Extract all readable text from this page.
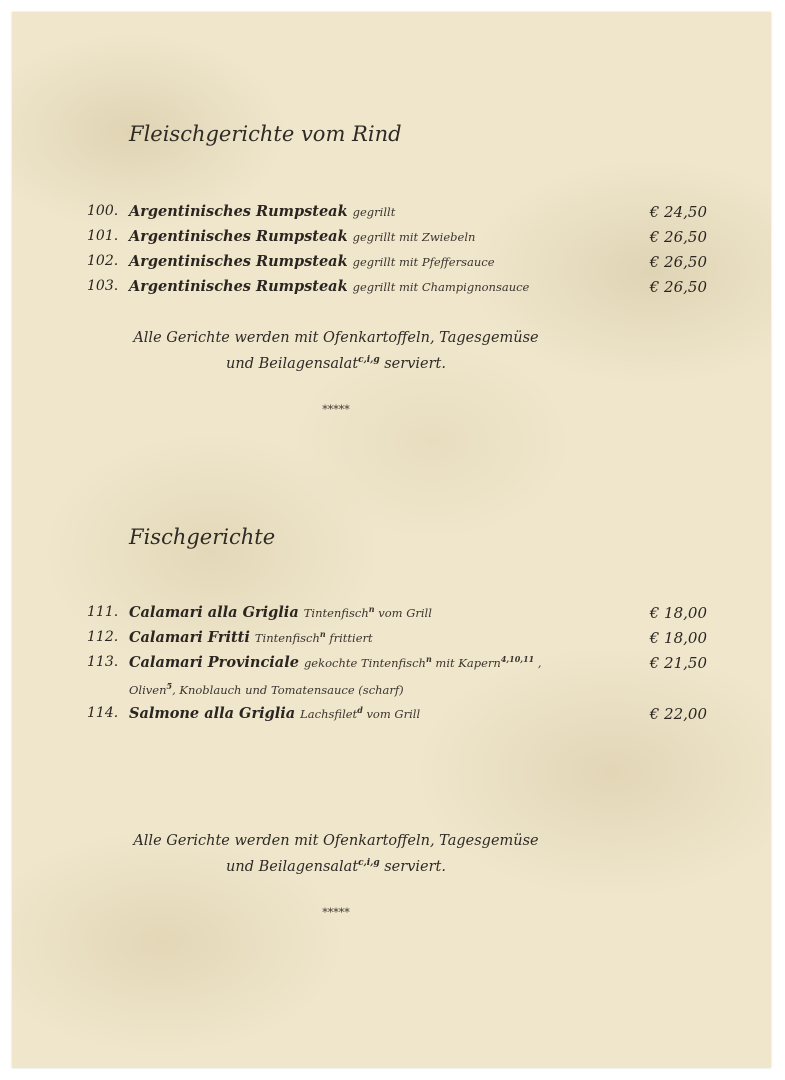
Fleischgerichte vom Rind
100. Argentinisches Rumpsteak gegrillt	€ 24,50
101. Argentinisches Rumpsteak gegrillt mit Zwiebeln	€ 26,50
102. Argentinisches Rumpsteak gegrillt mit Pfeffersauce	€ 26,50
103. Argentinisches Rumpsteak gegrillt mit Champignonsauce	€ 26,50
Alle Gerichte werden mit Ofenkartoffeln, Tagesgemüse
und Beilagensalat$^{c,i,g}$ serviert.
*****
Fischgerichte
111. Calamari alla Griglia Tintenfisch$^n$ vom Grill	€ 18,00
112. Calamari Fritti Tintenfisch$^n$ frittiert	€ 18,00
113. Calamari Provinciale gekochte Tintenfisch$^n$ mit Kapern$^{4,10,11}$ ,	€ 21,50
Oliven$^5$, Knoblauch und Tomatensauce (scharf)
114. Salmone alla Griglia Lachsfilet$^d$ vom Grill	€ 22,00
Alle Gerichte werden mit Ofenkartoffeln, Tagesgemüse
und Beilagensalat$^{c,i,g}$ serviert.
*****
